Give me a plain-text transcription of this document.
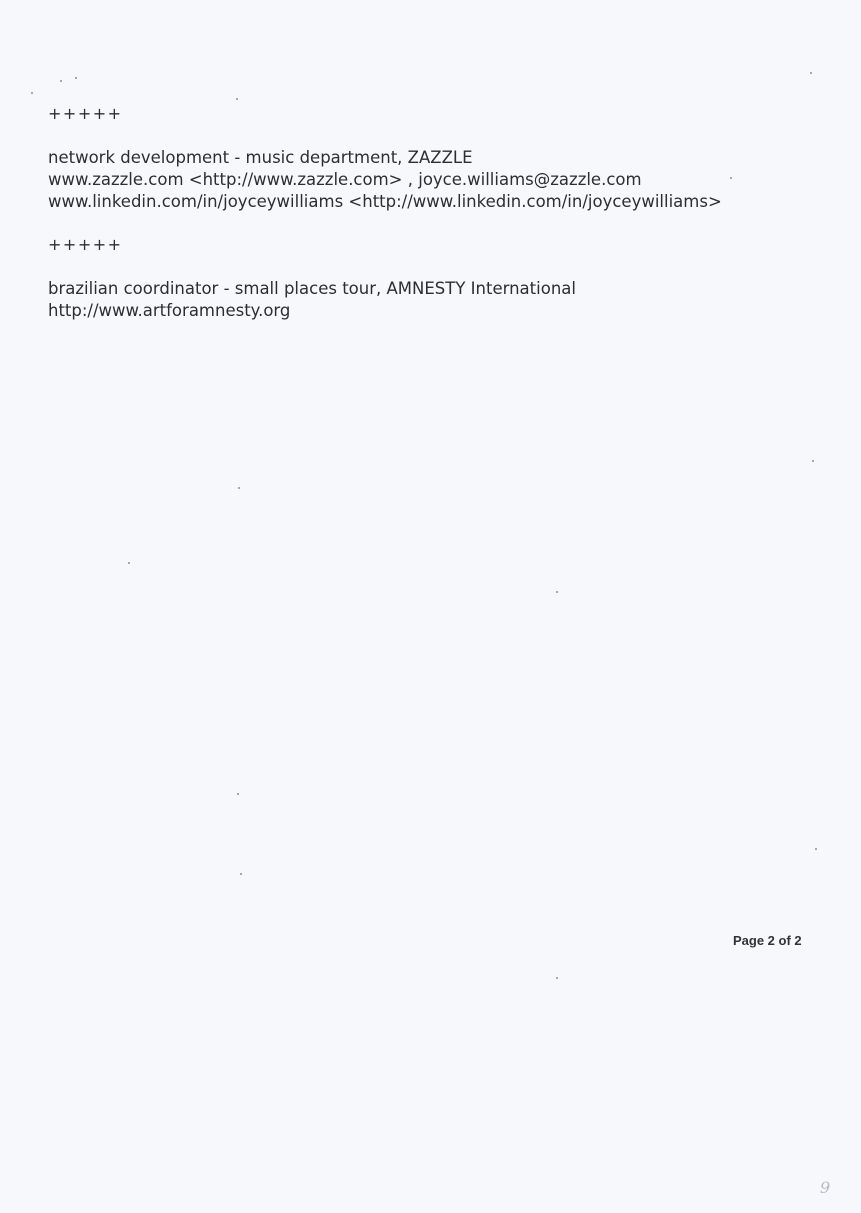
+++++
network development - music department, ZAZZLE
www.zazzle.com <http://www.zazzle.com> , joyce.williams@zazzle.com
www.linkedin.com/in/joyceywilliams <http://www.linkedin.com/in/joyceywilliams>
+++++
brazilian coordinator - small places tour, AMNESTY International
http://www.artforamnesty.org
Page 2 of 2
9
